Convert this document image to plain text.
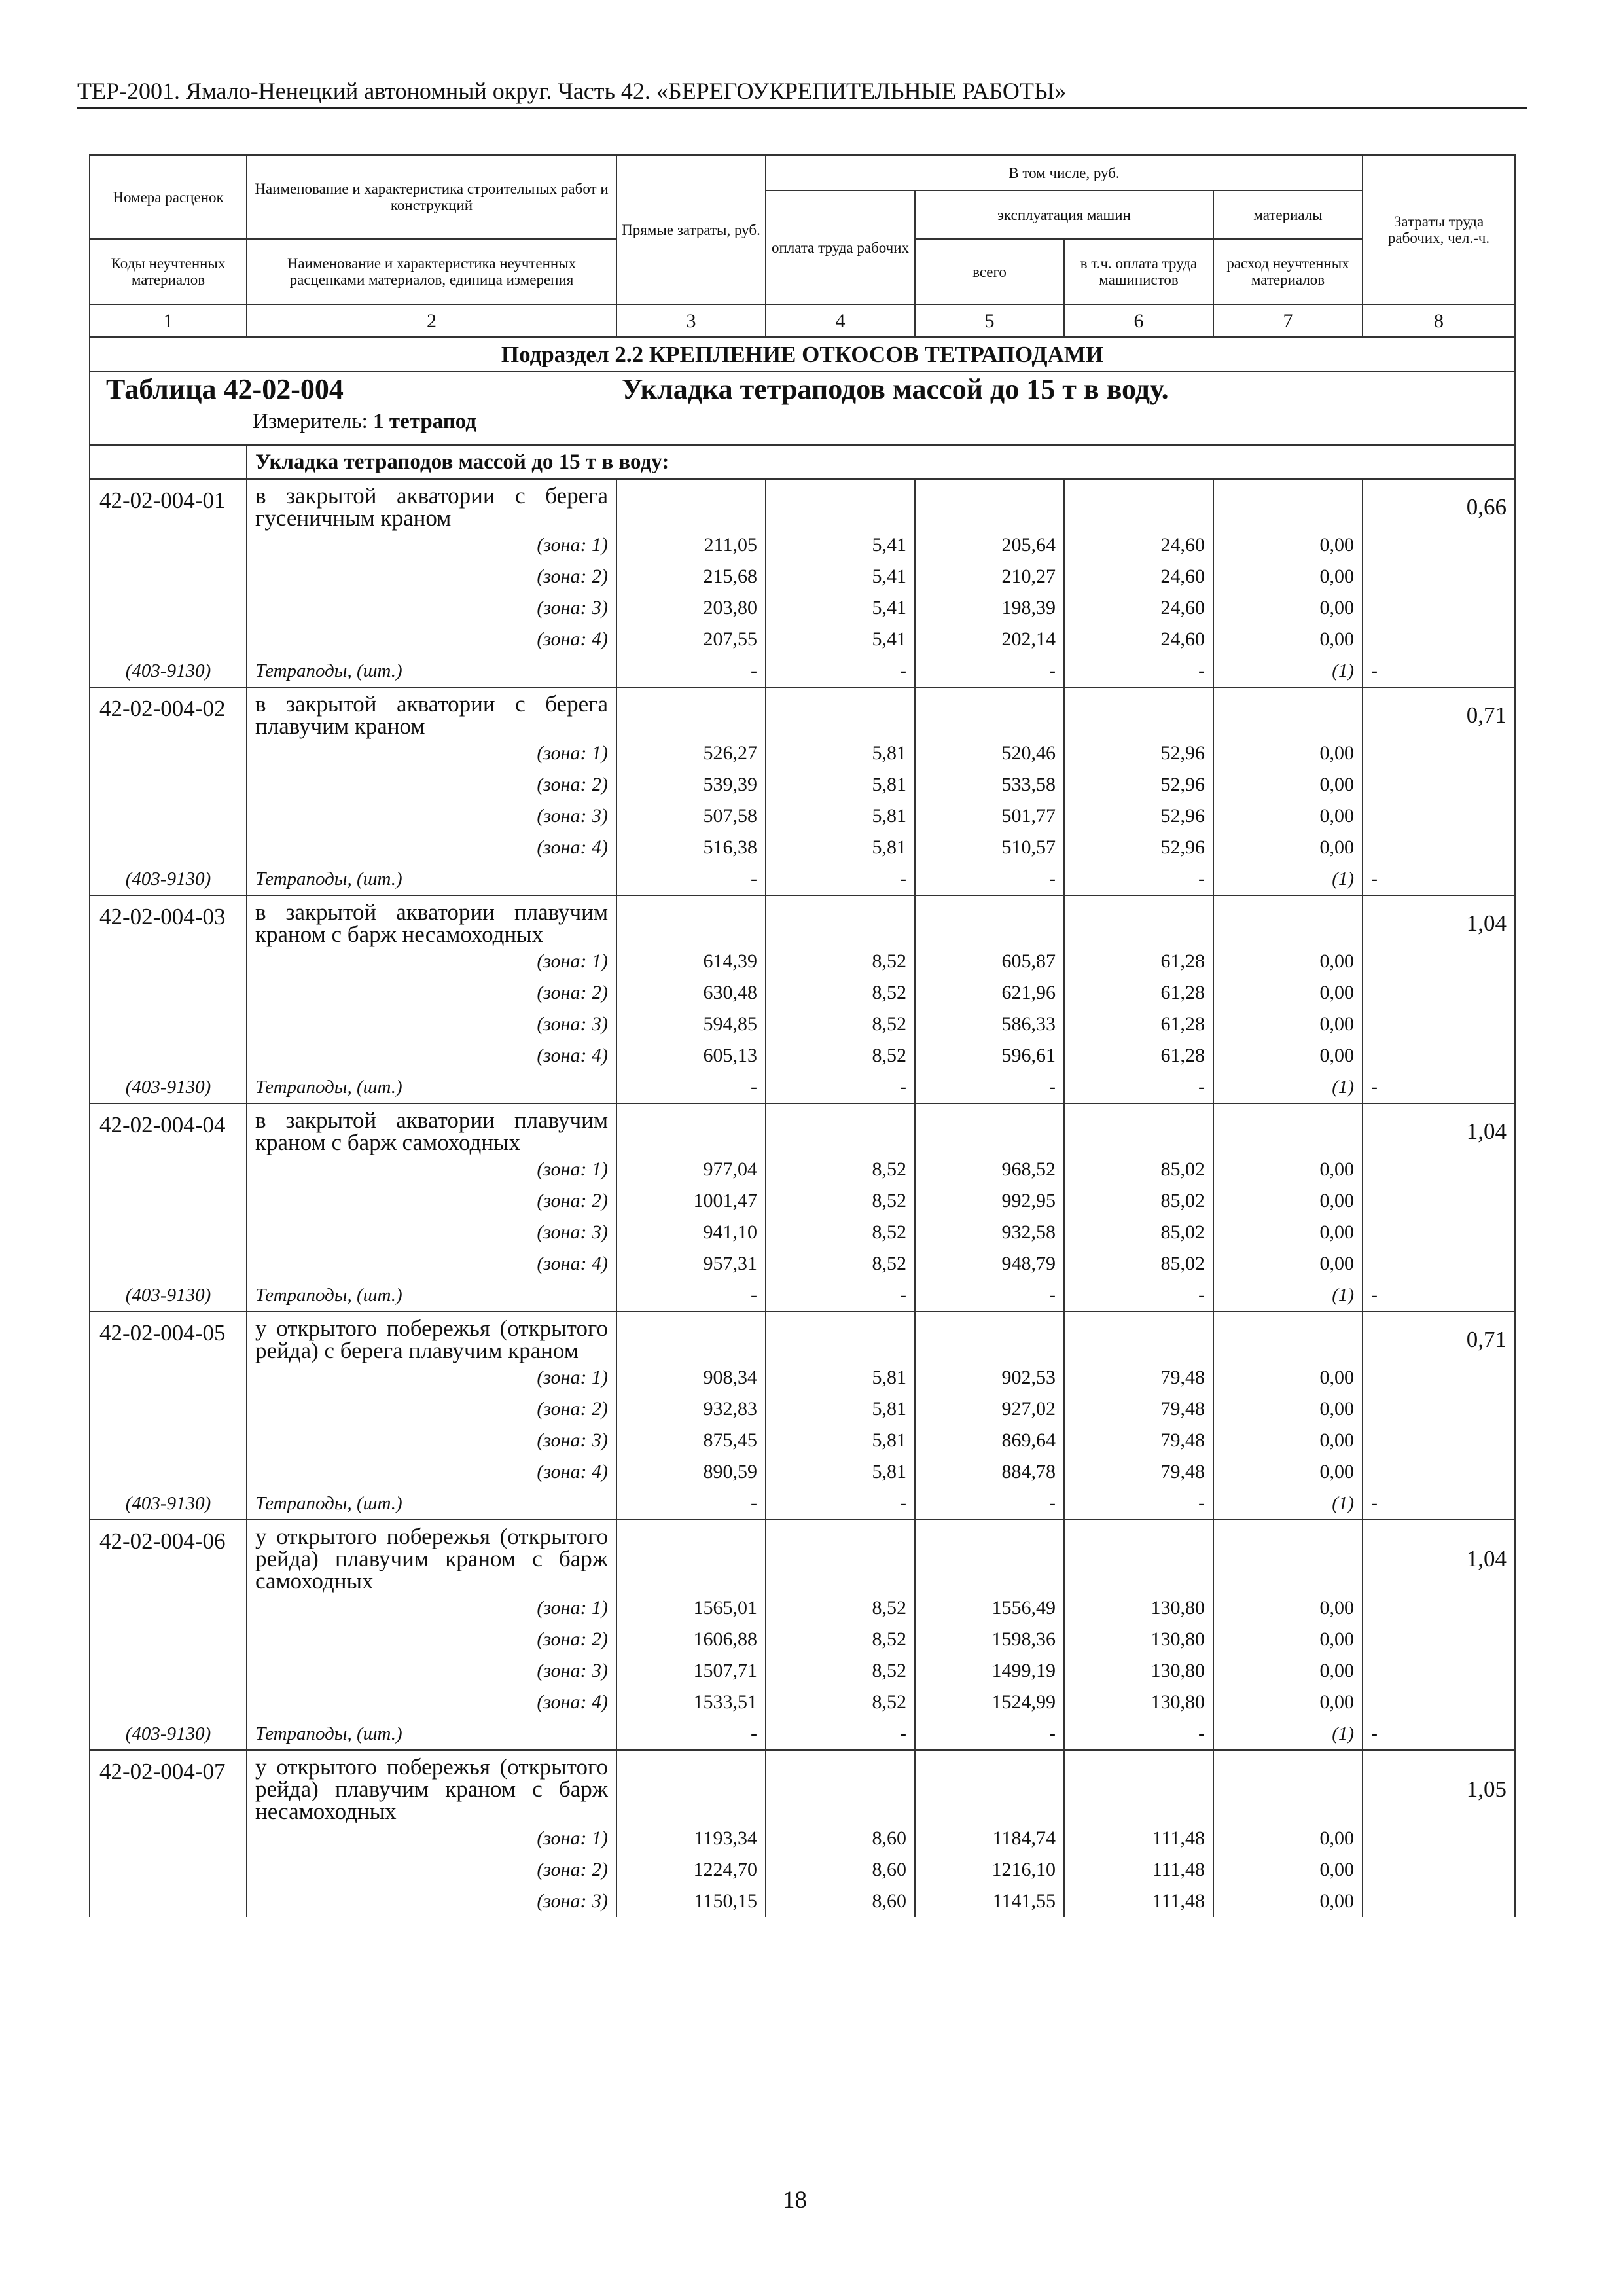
ТЕР-2001. Ямало-Ненецкий автономный округ. Часть 42. «БЕРЕГОУКРЕПИТЕЛЬНЫЕ РАБОТЫ»
Номера расценок	Наименование и характеристика строительных работ и конструкций	Прямые затраты, руб.	В том числе, руб.				Затраты труда рабочих, чел.-ч.
			оплата труда рабочих	эксплуатация машин		материалы	
Коды неучтенных материалов	Наименование и характеристика неучтенных расценками материалов, единица измерения			всего	в т.ч. оплата труда машинистов	расход неучтенных материалов	

1	2	3	4	5	6	7	8
Подраздел 2.2 КРЕПЛЕНИЕ ОТКОСОВ ТЕТРАПОДАМИ							

Таблица 42-02-004 Укладка тетраподов массой до 15 т в воду.
Измеритель: 1 тетрапод							

	Укладка тетраподов массой до 15 т в воду:						
42-02-004-01	в закрытой акватории с берега гусеничным краном						0,66
	(зона: 1)	211,05	5,41	205,64	24,60	0,00	
	(зона: 2)	215,68	5,41	210,27	24,60	0,00	
	(зона: 3)	203,80	5,41	198,39	24,60	0,00	
	(зона: 4)	207,55	5,41	202,14	24,60	0,00	
(403-9130)	Тетраподы, (шт.)	-	-	-	-	(1)	-
42-02-004-02	в закрытой акватории с берега плавучим краном						0,71
	(зона: 1)	526,27	5,81	520,46	52,96	0,00	
	(зона: 2)	539,39	5,81	533,58	52,96	0,00	
	(зона: 3)	507,58	5,81	501,77	52,96	0,00	
	(зона: 4)	516,38	5,81	510,57	52,96	0,00	
(403-9130)	Тетраподы, (шт.)	-	-	-	-	(1)	-
42-02-004-03	в закрытой акватории плавучим краном с барж несамоходных						1,04
	(зона: 1)	614,39	8,52	605,87	61,28	0,00	
	(зона: 2)	630,48	8,52	621,96	61,28	0,00	
	(зона: 3)	594,85	8,52	586,33	61,28	0,00	
	(зона: 4)	605,13	8,52	596,61	61,28	0,00	
(403-9130)	Тетраподы, (шт.)	-	-	-	-	(1)	-
42-02-004-04	в закрытой акватории плавучим краном с барж самоходных						1,04
	(зона: 1)	977,04	8,52	968,52	85,02	0,00	
	(зона: 2)	1001,47	8,52	992,95	85,02	0,00	
	(зона: 3)	941,10	8,52	932,58	85,02	0,00	
	(зона: 4)	957,31	8,52	948,79	85,02	0,00	
(403-9130)	Тетраподы, (шт.)	-	-	-	-	(1)	-
42-02-004-05	у открытого побережья (открытого рейда) с берега плавучим краном						0,71
	(зона: 1)	908,34	5,81	902,53	79,48	0,00	
	(зона: 2)	932,83	5,81	927,02	79,48	0,00	
	(зона: 3)	875,45	5,81	869,64	79,48	0,00	
	(зона: 4)	890,59	5,81	884,78	79,48	0,00	
(403-9130)	Тетраподы, (шт.)	-	-	-	-	(1)	-
42-02-004-06	у открытого побережья (открытого рейда) плавучим краном с барж самоходных						1,04
	(зона: 1)	1565,01	8,52	1556,49	130,80	0,00	
	(зона: 2)	1606,88	8,52	1598,36	130,80	0,00	
	(зона: 3)	1507,71	8,52	1499,19	130,80	0,00	
	(зона: 4)	1533,51	8,52	1524,99	130,80	0,00	
(403-9130)	Тетраподы, (шт.)	-	-	-	-	(1)	-
42-02-004-07	у открытого побережья (открытого рейда) плавучим краном с барж несамоходных						1,05
	(зона: 1)	1193,34	8,60	1184,74	111,48	0,00	
	(зона: 2)	1224,70	8,60	1216,10	111,48	0,00	
	(зона: 3)	1150,15	8,60	1141,55	111,48	0,00	
18
